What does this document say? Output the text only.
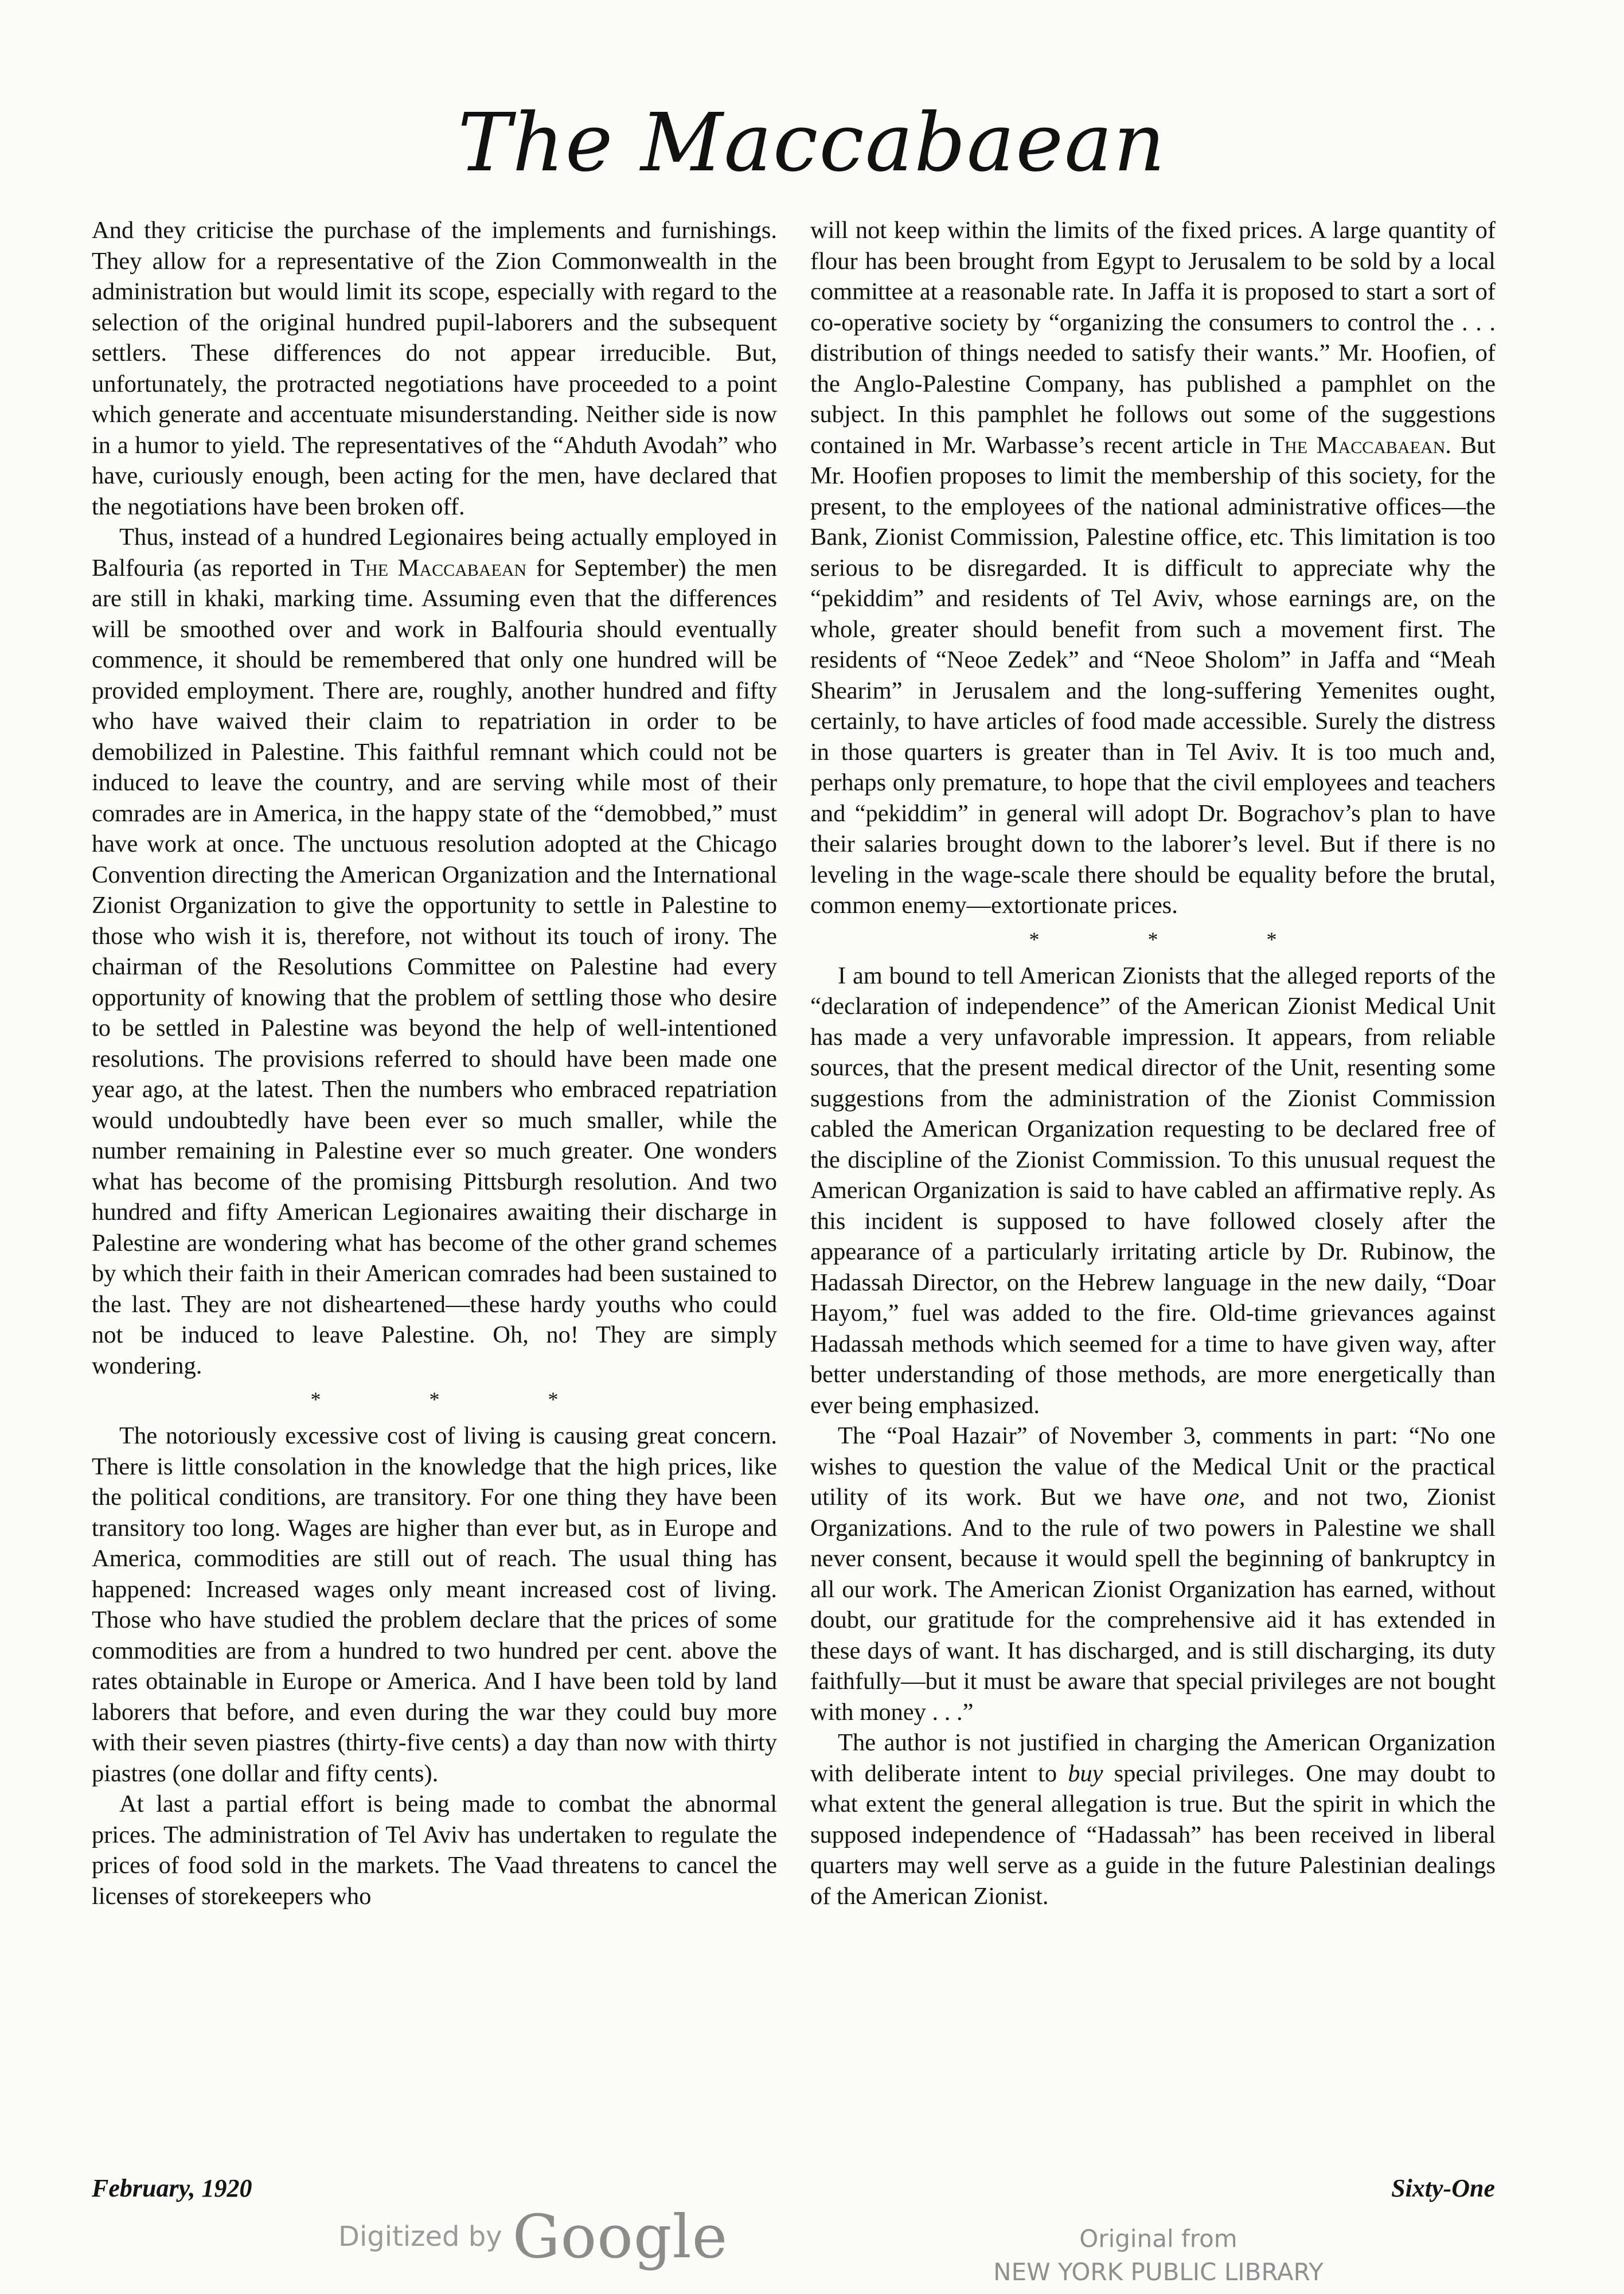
The Maccabaean

And they criticise the purchase of the implements and furnishings. They allow for a representative of the Zion Commonwealth in the administration but would limit its scope, especially with regard to the selection of the original hundred pupil-laborers and the subsequent settlers. These differences do not appear irreducible. But, unfortunately, the protracted negotiations have proceeded to a point which generate and accentuate misunderstanding. Neither side is now in a humor to yield. The representatives of the “Ahduth Avodah” who have, curiously enough, been acting for the men, have declared that the negotiations have been broken off.

Thus, instead of a hundred Legionaires being actually employed in Balfouria (as reported in The Maccabaean for September) the men are still in khaki, marking time. Assuming even that the differences will be smoothed over and work in Balfouria should eventually commence, it should be remembered that only one hundred will be provided employment. There are, roughly, another hundred and fifty who have waived their claim to repatriation in order to be demobilized in Palestine. This faithful remnant which could not be induced to leave the country, and are serving while most of their comrades are in America, in the happy state of the “demobbed,” must have work at once. The unctuous resolution adopted at the Chicago Convention directing the American Organization and the International Zionist Organization to give the opportunity to settle in Palestine to those who wish it is, therefore, not without its touch of irony. The chairman of the Resolutions Committee on Palestine had every opportunity of knowing that the problem of settling those who desire to be settled in Palestine was beyond the help of well-intentioned resolutions. The provisions referred to should have been made one year ago, at the latest. Then the numbers who embraced repatriation would undoubtedly have been ever so much smaller, while the number remaining in Palestine ever so much greater. One wonders what has become of the promising Pittsburgh resolution. And two hundred and fifty American Legionaires awaiting their discharge in Palestine are wondering what has become of the other grand schemes by which their faith in their American comrades had been sustained to the last. They are not disheartened—these hardy youths who could not be induced to leave Palestine. Oh, no! They are simply wondering.

* * *

The notoriously excessive cost of living is causing great concern. There is little consolation in the knowledge that the high prices, like the political conditions, are transitory. For one thing they have been transitory too long. Wages are higher than ever but, as in Europe and America, commodities are still out of reach. The usual thing has happened: Increased wages only meant increased cost of living. Those who have studied the problem declare that the prices of some commodities are from a hundred to two hundred per cent. above the rates obtainable in Europe or America. And I have been told by land laborers that before, and even during the war they could buy more with their seven piastres (thirty-five cents) a day than now with thirty piastres (one dollar and fifty cents).

At last a partial effort is being made to combat the abnormal prices. The administration of Tel Aviv has undertaken to regulate the prices of food sold in the markets. The Vaad threatens to cancel the licenses of storekeepers who

will not keep within the limits of the fixed prices. A large quantity of flour has been brought from Egypt to Jerusalem to be sold by a local committee at a reasonable rate. In Jaffa it is proposed to start a sort of co-operative society by “organizing the consumers to control the . . . distribution of things needed to satisfy their wants.” Mr. Hoofien, of the Anglo-Palestine Company, has published a pamphlet on the subject. In this pamphlet he follows out some of the suggestions contained in Mr. Warbasse’s recent article in The Maccabaean. But Mr. Hoofien proposes to limit the membership of this society, for the present, to the employees of the national administrative offices—the Bank, Zionist Commission, Palestine office, etc. This limitation is too serious to be disregarded. It is difficult to appreciate why the “pekiddim” and residents of Tel Aviv, whose earnings are, on the whole, greater should benefit from such a movement first. The residents of “Neoe Zedek” and “Neoe Sholom” in Jaffa and “Meah Shearim” in Jerusalem and the long-suffering Yemenites ought, certainly, to have articles of food made accessible. Surely the distress in those quarters is greater than in Tel Aviv. It is too much and, perhaps only premature, to hope that the civil employees and teachers and “pekiddim” in general will adopt Dr. Bograchov’s plan to have their salaries brought down to the laborer’s level. But if there is no leveling in the wage-scale there should be equality before the brutal, common enemy—extortionate prices.

* * *

I am bound to tell American Zionists that the alleged reports of the “declaration of independence” of the American Zionist Medical Unit has made a very unfavorable impression. It appears, from reliable sources, that the present medical director of the Unit, resenting some suggestions from the administration of the Zionist Commission cabled the American Organization requesting to be declared free of the discipline of the Zionist Commission. To this unusual request the American Organization is said to have cabled an affirmative reply. As this incident is supposed to have followed closely after the appearance of a particularly irritating article by Dr. Rubinow, the Hadassah Director, on the Hebrew language in the new daily, “Doar Hayom,” fuel was added to the fire. Old-time grievances against Hadassah methods which seemed for a time to have given way, after better understanding of those methods, are more energetically than ever being emphasized.

The “Poal Hazair” of November 3, comments in part: “No one wishes to question the value of the Medical Unit or the practical utility of its work. But we have one, and not two, Zionist Organizations. And to the rule of two powers in Palestine we shall never consent, because it would spell the beginning of bankruptcy in all our work. The American Zionist Organization has earned, without doubt, our gratitude for the comprehensive aid it has extended in these days of want. It has discharged, and is still discharging, its duty faithfully—but it must be aware that special privileges are not bought with money . . .”

The author is not justified in charging the American Organization with deliberate intent to buy special privileges. One may doubt to what extent the general allegation is true. But the spirit in which the supposed independence of “Hadassah” has been received in liberal quarters may well serve as a guide in the future Palestinian dealings of the American Zionist.

February, 1920	Sixty-One
Digitized by Google	Original from
NEW YORK PUBLIC LIBRARY
